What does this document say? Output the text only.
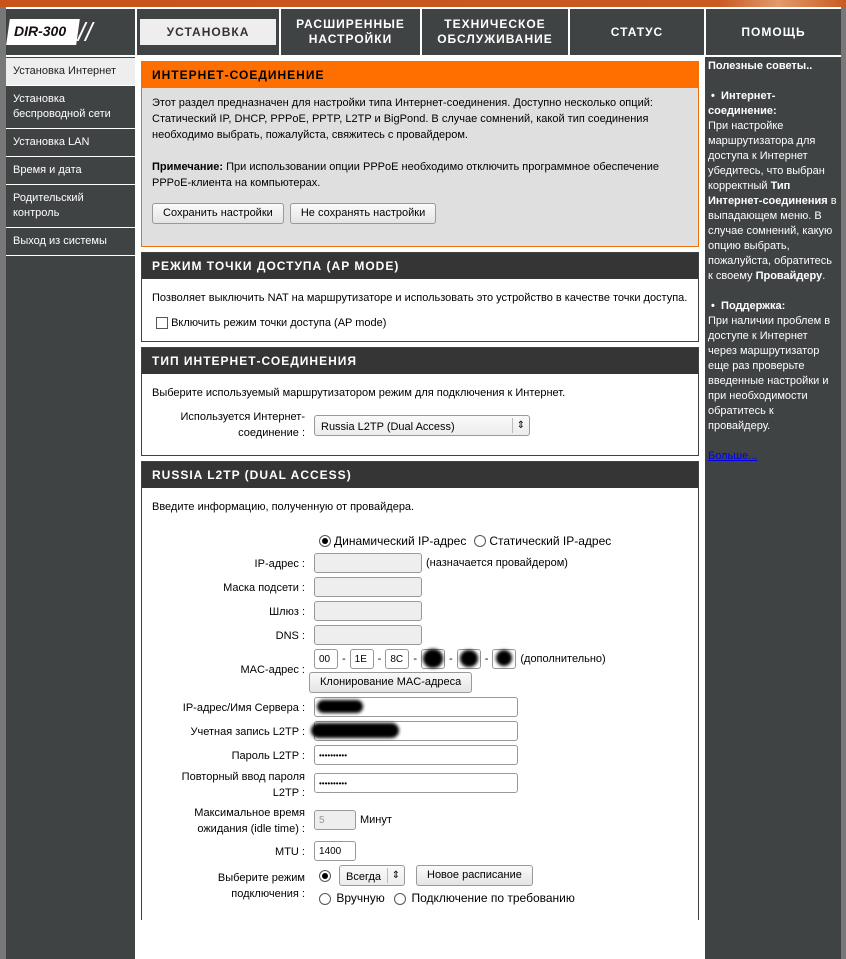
DIR-300 //	УСТАНОВКА
РАСШИРЕННЫЕ НАСТРОЙКИ
ТЕХНИЧЕСКОЕ ОБСЛУЖИВАНИЕ
СТАТУС	ПОМОЩЬ
Установка Интернет
Установка беспроводной сети
Установка LAN
Время и дата
Родительский контроль
Выход из системы
ИНТЕРНЕТ-СОЕДИНЕНИЕ
Этот раздел предназначен для настройки типа Интернет-соединения. Доступно несколько опций: Статический IP, DHCP, PPPoE, PPTP, L2TP и BigPond. В случае сомнений, какой тип соединения необходимо выбрать, пожалуйста, свяжитесь с провайдером.
Примечание: При использовании опции PPPoE необходимо отключить программное обеспечение PPPoE-клиента на компьютерах.
Сохранить настройки	Не сохранять настройки
РЕЖИМ ТОЧКИ ДОСТУПА (AP MODE)
Позволяет выключить NAT на маршрутизаторе и использовать это устройство в качестве точки доступа.
Включить режим точки доступа (AP mode)
ТИП ИНТЕРНЕТ-СОЕДИНЕНИЯ
Выберите используемый маршрутизатором режим для подключения к Интернет.
Используется Интернет-соединение :	Russia L2TP (Dual Access)	⇕
RUSSIA L2TP (DUAL ACCESS)
Введите информацию, полученную от провайдера.
Динамический IP-адрес Статический IP-адрес
IP-адрес :	(назначается провайдером)
Маска подсети :
Шлюз :
DNS :
MAC-адрес :
00	- 1E - 8C -	-	-	(дополнительно)
Клонирование MAC-адреса
IP-адрес/Имя Сервера :
Учетная запись L2TP :
Пароль L2TP :	••••••••••
Повторный ввод пароля L2TP :
••••••••••
Максимальное время ожидания (idle time) :
5	Минут
MTU :	1400
Выберите режим подключения :
Всегда	⇕	Новое расписание
Вручную Подключение по требованию
Полезные советы..
•  Интернет-соединение:
При настройке маршрутизатора для доступа к Интернет убедитесь, что выбран корректный Тип Интернет-соединения в выпадающем меню. В случае сомнений, какую опцию выбрать, пожалуйста, обратитесь к своему Провайдеру.
•  Поддержка:
При наличии проблем в доступе к Интернет через маршрутизатор еще раз проверьте введенные настройки и при необходимости обратитесь к провайдеру.
Больше...
